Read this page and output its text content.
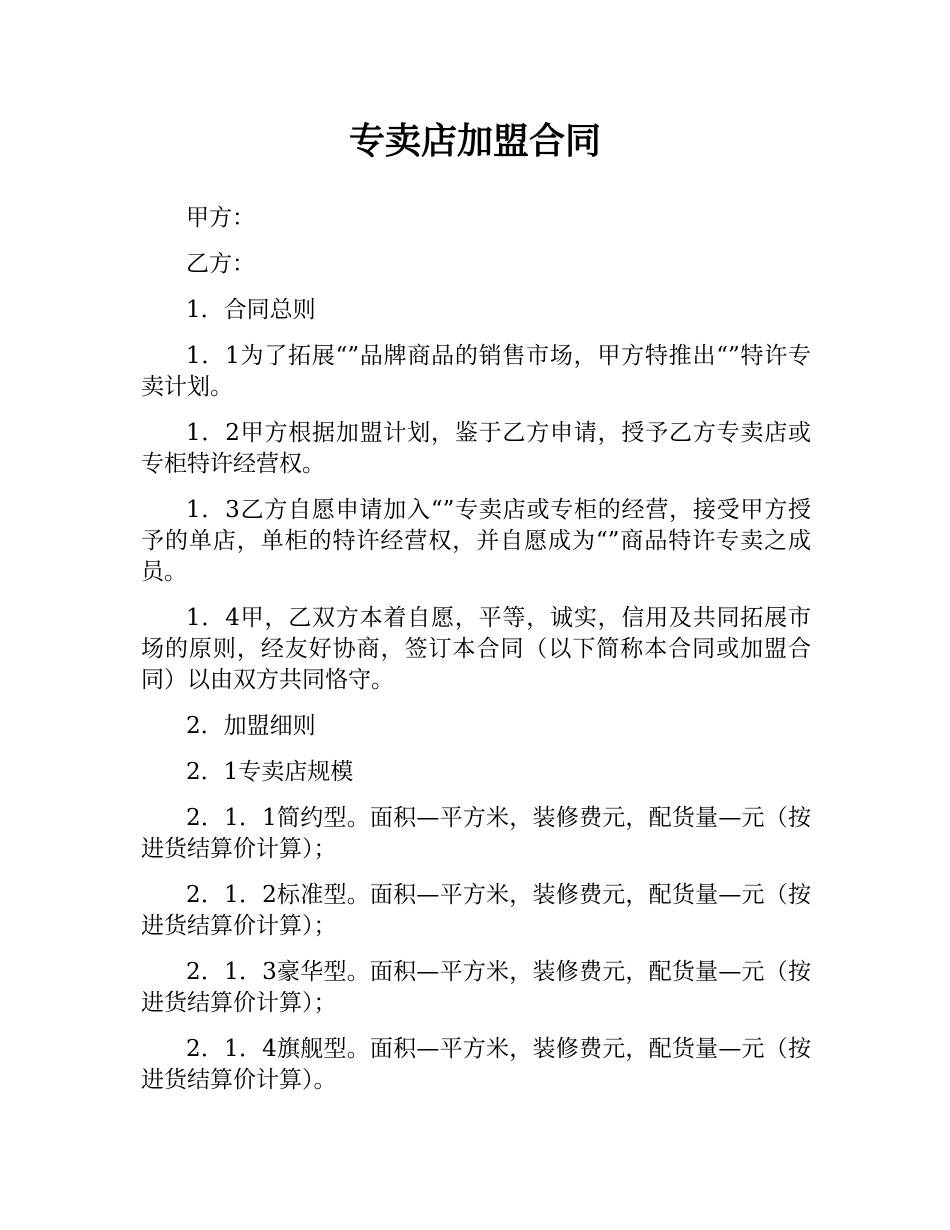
专卖店加盟合同

甲方：

乙方：

1．合同总则

1．1为了拓展“”品牌商品的销售市场，甲方特推出“”特许专卖计划。

1．2甲方根据加盟计划，鉴于乙方申请，授予乙方专卖店或专柜特许经营权。

1．3乙方自愿申请加入“”专卖店或专柜的经营，接受甲方授予的单店，单柜的特许经营权，并自愿成为“”商品特许专卖之成员。

1．4甲，乙双方本着自愿，平等，诚实，信用及共同拓展市场的原则，经友好协商，签订本合同（以下简称本合同或加盟合同）以由双方共同恪守。

2．加盟细则

2．1专卖店规模

2．1．1简约型。面积—平方米，装修费元，配货量—元（按进货结算价计算）；

2．1．2标准型。面积—平方米，装修费元，配货量—元（按进货结算价计算）；

2．1．3豪华型。面积—平方米，装修费元，配货量—元（按进货结算价计算）；

2．1．4旗舰型。面积—平方米，装修费元，配货量—元（按进货结算价计算）。
